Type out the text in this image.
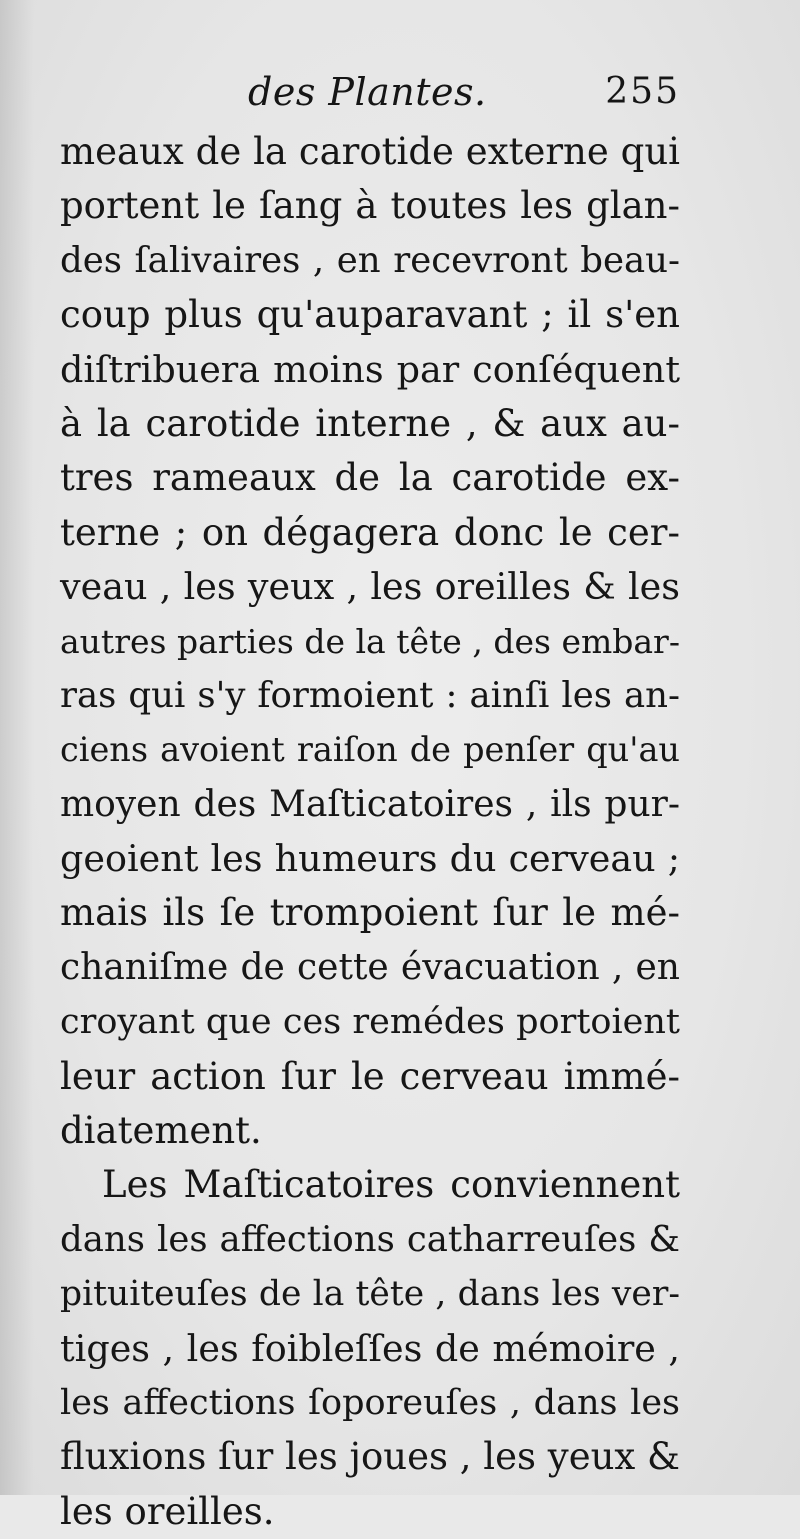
des Plantes.	255
meaux de la carotide externe qui
portent le ſang à toutes les glan-
des ſalivaires , en recevront beau-
coup plus qu'auparavant ; il s'en
diſtribuera moins par conſéquent
à la carotide interne , & aux au-
tres rameaux de la carotide ex-
terne ; on dégagera donc le cer-
veau , les yeux , les oreilles & les
autres parties de la tête , des embar-
ras qui s'y formoient : ainſi les an-
ciens avoient raiſon de penſer qu'au
moyen des Maſticatoires , ils pur-
geoient les humeurs du cerveau ;
mais ils ſe trompoient ſur le mé-
chaniſme de cette évacuation , en
croyant que ces remédes portoient
leur action ſur le cerveau immé-
diatement.
Les Maſticatoires conviennent
dans les affections catharreuſes &
pituiteuſes de la tête , dans les ver-
tiges , les foibleſſes de mémoire ,
les affections ſoporeuſes , dans les
fluxions ſur les joues , les yeux &
les oreilles.
